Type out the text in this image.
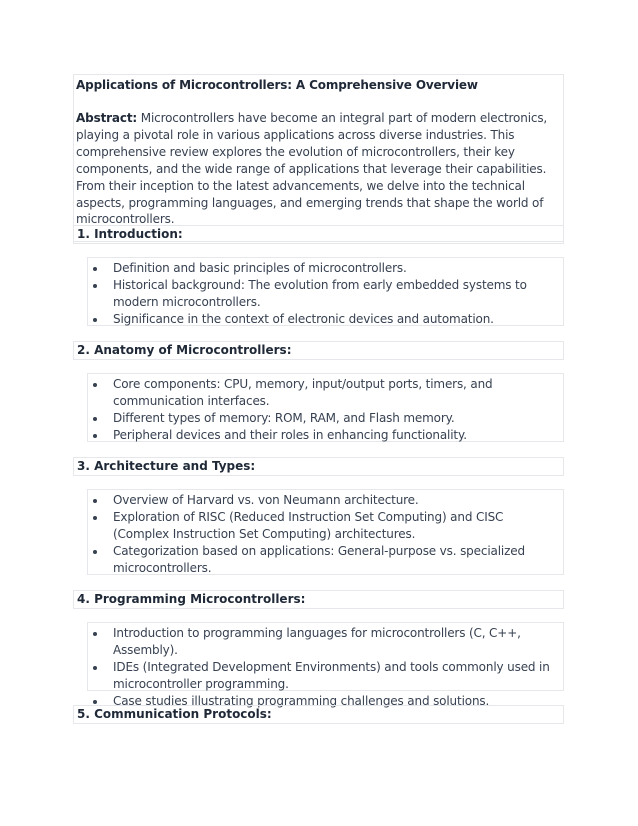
Applications of Microcontrollers: A Comprehensive Overview
Abstract: Microcontrollers have become an integral part of modern electronics, playing a pivotal role in various applications across diverse industries. This comprehensive review explores the evolution of microcontrollers, their key components, and the wide range of applications that leverage their capabilities. From their inception to the latest advancements, we delve into the technical aspects, programming languages, and emerging trends that shape the world of microcontrollers.
1. Introduction:
Definition and basic principles of microcontrollers.
Historical background: The evolution from early embedded systems to modern microcontrollers.
Significance in the context of electronic devices and automation.
2. Anatomy of Microcontrollers:
Core components: CPU, memory, input/output ports, timers, and communication interfaces.
Different types of memory: ROM, RAM, and Flash memory.
Peripheral devices and their roles in enhancing functionality.
3. Architecture and Types:
Overview of Harvard vs. von Neumann architecture.
Exploration of RISC (Reduced Instruction Set Computing) and CISC (Complex Instruction Set Computing) architectures.
Categorization based on applications: General-purpose vs. specialized microcontrollers.
4. Programming Microcontrollers:
Introduction to programming languages for microcontrollers (C, C++, Assembly).
IDEs (Integrated Development Environments) and tools commonly used in microcontroller programming.
Case studies illustrating programming challenges and solutions.
5. Communication Protocols:
